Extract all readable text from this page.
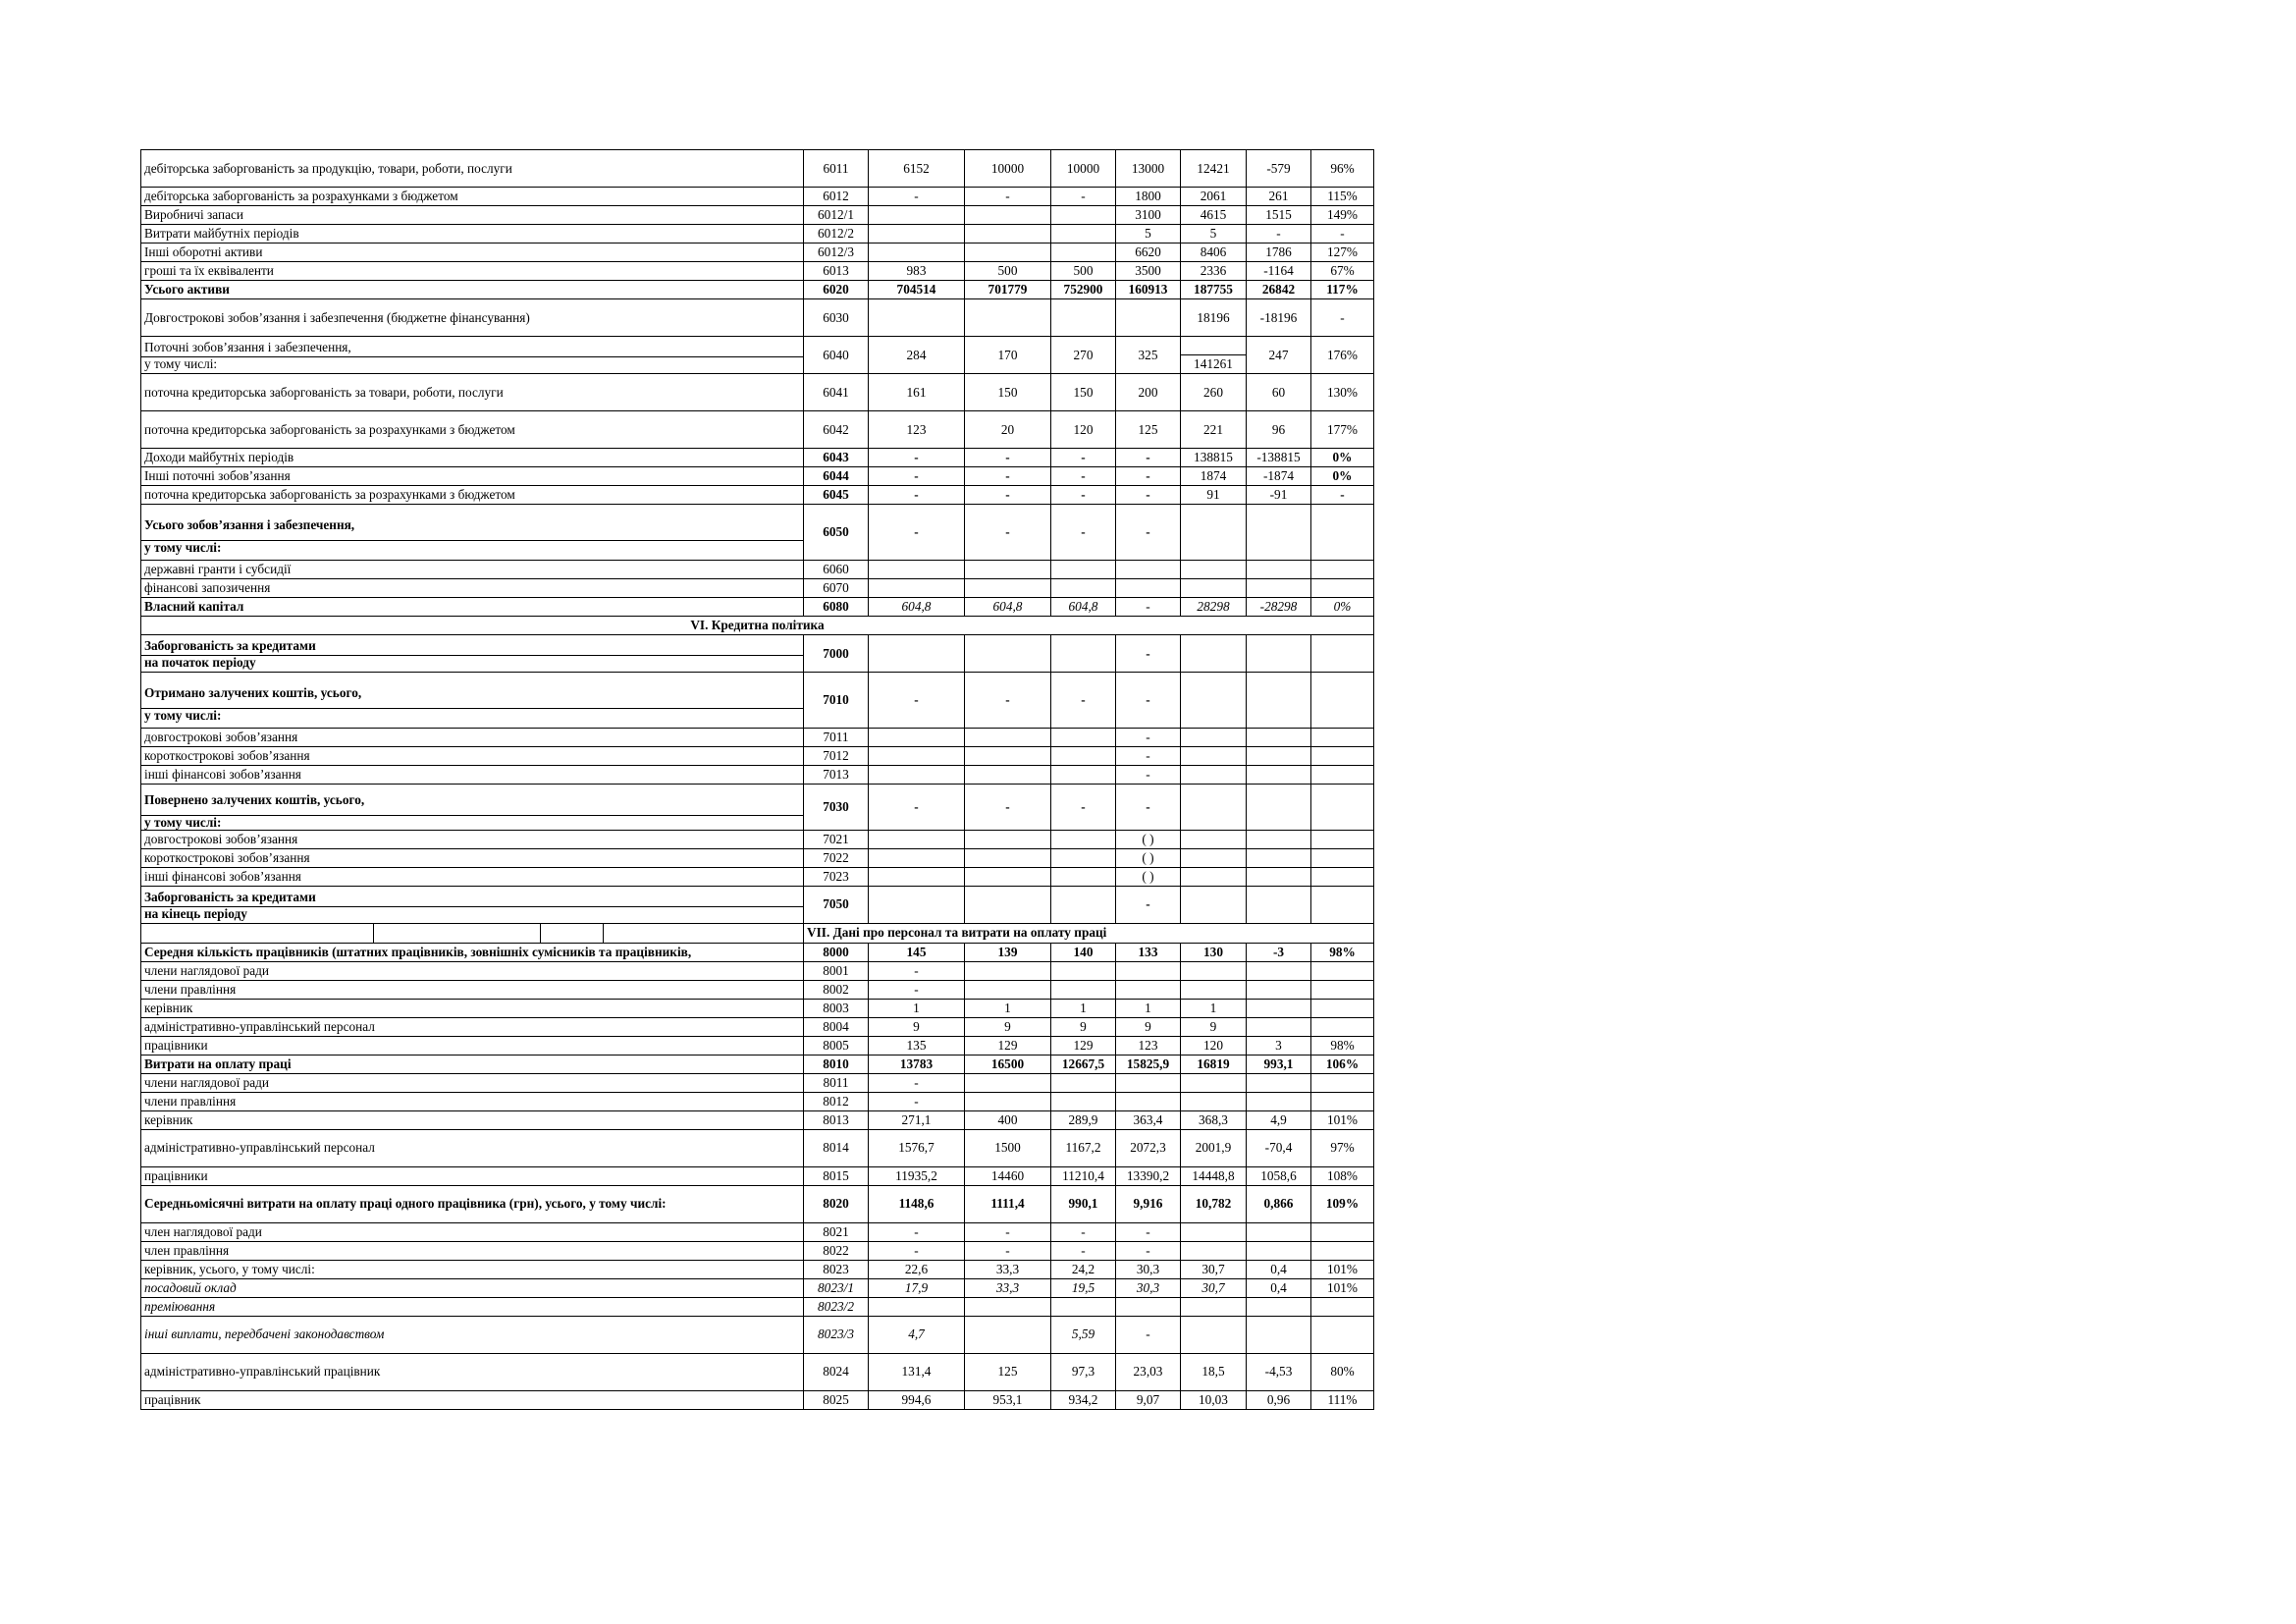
дебіторська заборгованість за продукцію, товари, роботи, послуги	6011	6152	10000	10000	13000	12421	-579	96%
дебіторська заборгованість за розрахунками з бюджетом	6012	-	-	-	1800	2061	261	115%
Виробничі запаси	6012/1				3100	4615	1515	149%
Витрати майбутніх періодів	6012/2				5	5	-	-
Інші оборотні активи	6012/3				6620	8406	1786	127%
гроші та їх еквіваленти	6013	983	500	500	3500	2336	-1164	67%
Усього активи	6020	704514	701779	752900	160913	187755	26842	117%
Довгострокові зобов’язання і забезпечення (бюджетне фінансування)	6030					18196	-18196	-

Поточні зобов’язання і забезпечення,
у тому числі:	6040	284	170	270	325	141261	247	176%
поточна кредиторська заборгованість за товари, роботи, послуги	6041	161	150	150	200	260	60	130%
поточна кредиторська заборгованість за розрахунками з бюджетом	6042	123	20	120	125	221	96	177%
Доходи майбутніх періодів	6043	-	-	-	-	138815	-138815	0%
Інші поточні зобов’язання	6044	-	-	-	-	1874	-1874	0%
поточна кредиторська заборгованість за розрахунками з бюджетом	6045	-	-	-	-	91	-91	-

Усього зобов’язання і забезпечення,
у тому числі:	6050	-	-	-	-			
державні гранти і субсидії	6060							
фінансові запозичення	6070							
Власний капітал	6080	604,8	604,8	604,8	-	28298	-28298	0%
VI. Кредитна політика								

Заборгованість за кредитами
на початок періоду	7000				-			

Отримано залучених коштів, усього,
у тому числі:	7010	-	-	-	-			
довгострокові зобов’язання	7011				-			
короткострокові зобов’язання	7012				-			
інші фінансові зобов’язання	7013				-			

Повернено залучених коштів, усього,
у тому числі:	7030	-	-	-	-			
довгострокові зобов’язання	7021				( )			
короткострокові зобов’язання	7022				( )			
інші фінансові зобов’язання	7023				( )			

Заборгованість за кредитами
на кінець періоду	7050				-			

	VII. Дані про персонал та витрати на оплату праці							
Середня кількість працівників (штатних працівників, зовнішніх сумісників та працівників,	8000	145	139	140	133	130	-3	98%
члени наглядової ради	8001	-						
члени правління	8002	-						
керівник	8003	1	1	1	1	1		
адміністративно-управлінський персонал	8004	9	9	9	9	9		
працівники	8005	135	129	129	123	120	3	98%
Витрати на оплату праці	8010	13783	16500	12667,5	15825,9	16819	993,1	106%
члени наглядової ради	8011	-						
члени правління	8012	-						
керівник	8013	271,1	400	289,9	363,4	368,3	4,9	101%
адміністративно-управлінський персонал	8014	1576,7	1500	1167,2	2072,3	2001,9	-70,4	97%
працівники	8015	11935,2	14460	11210,4	13390,2	14448,8	1058,6	108%
Середньомісячні витрати на оплату праці одного працівника (грн), усього, у тому числі:	8020	1148,6	1111,4	990,1	9,916	10,782	0,866	109%
член наглядової ради	8021	-	-	-	-			
член правління	8022	-	-	-	-			
керівник, усього, у тому числі:	8023	22,6	33,3	24,2	30,3	30,7	0,4	101%
посадовий оклад	8023/1	17,9	33,3	19,5	30,3	30,7	0,4	101%
преміювання	8023/2							
інші виплати, передбачені законодавством	8023/3	4,7		5,59	-			
адміністративно-управлінський працівник	8024	131,4	125	97,3	23,03	18,5	-4,53	80%
працівник	8025	994,6	953,1	934,2	9,07	10,03	0,96	111%
